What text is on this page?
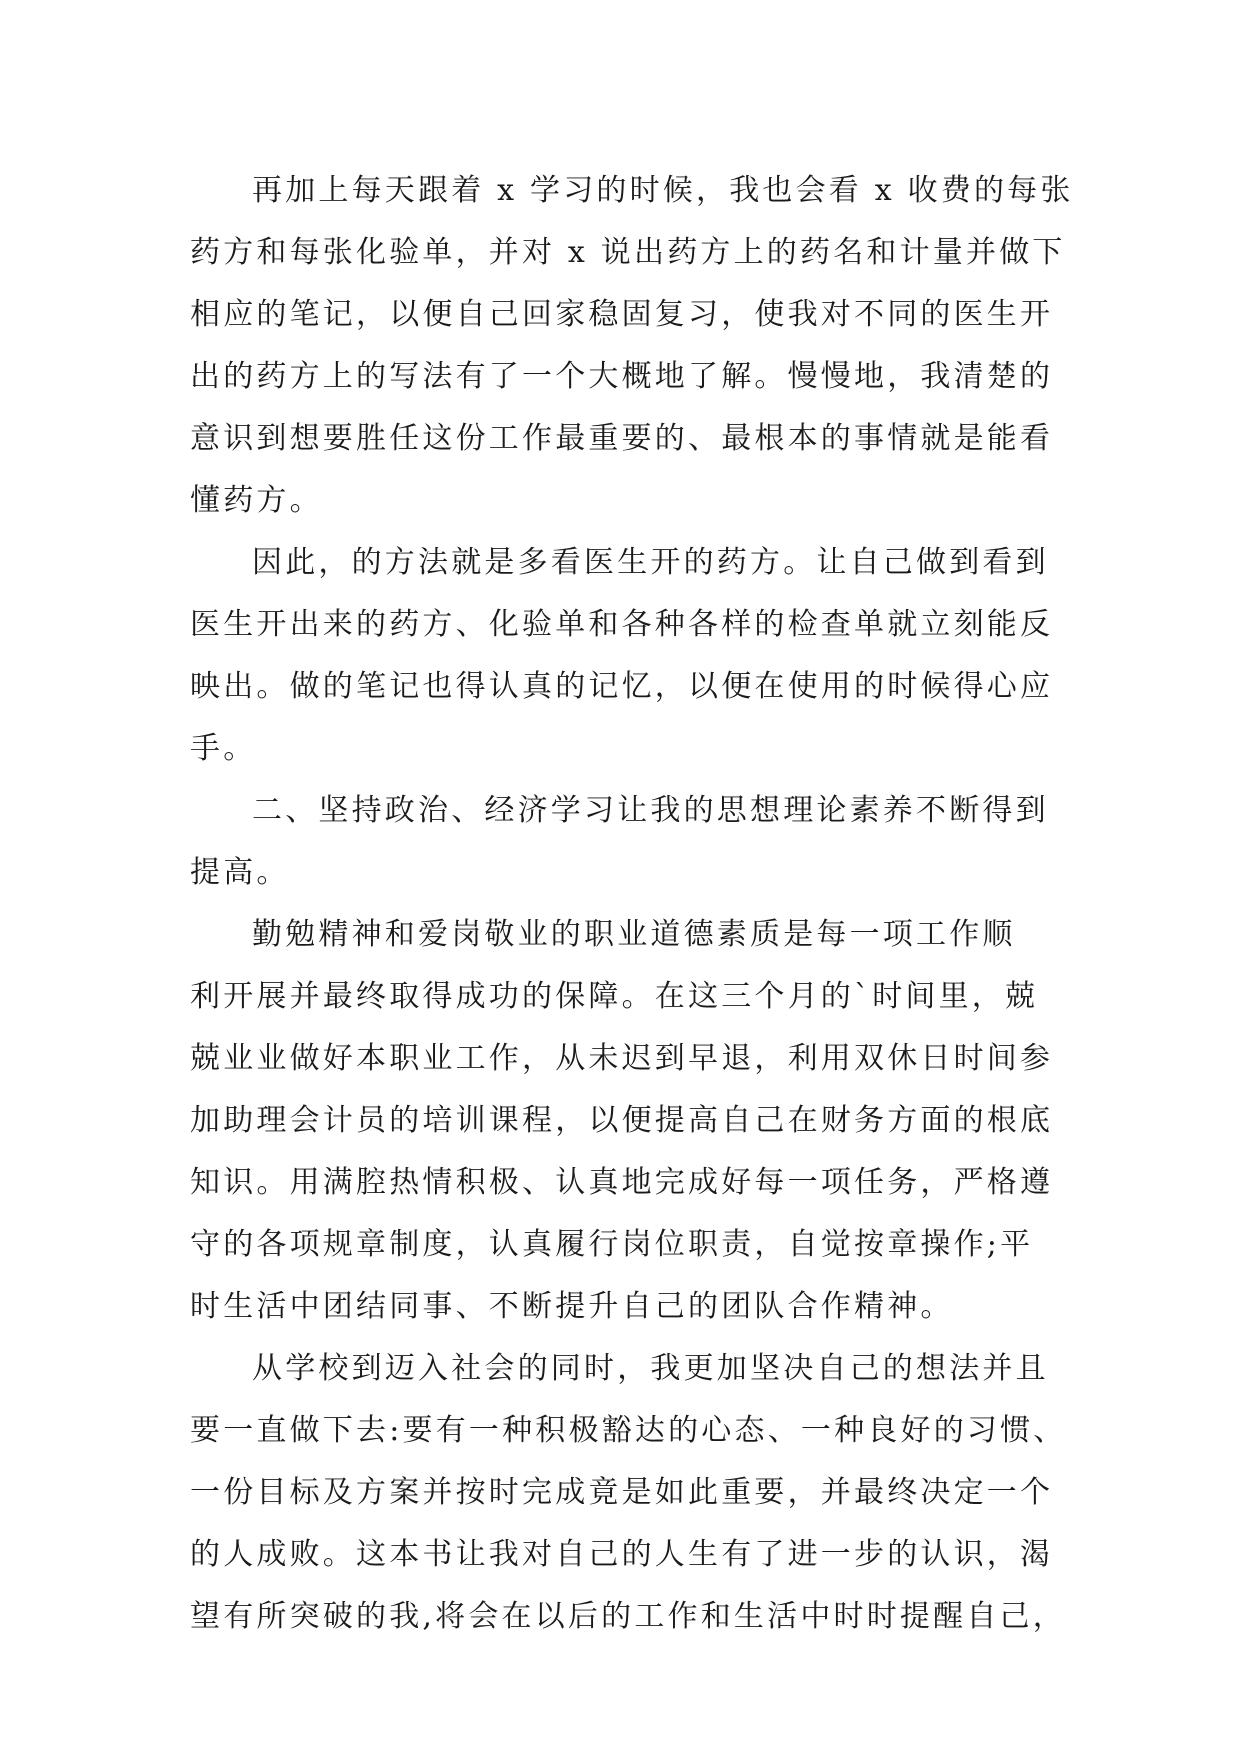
再加上每天跟着 x 学习的时候，我也会看 x 收费的每张
药方和每张化验单，并对 x 说出药方上的药名和计量并做下
相应的笔记，以便自己回家稳固复习，使我对不同的医生开
出的药方上的写法有了一个大概地了解。慢慢地，我清楚的
意识到想要胜任这份工作最重要的、最根本的事情就是能看
懂药方。
因此，的方法就是多看医生开的药方。让自己做到看到
医生开出来的药方、化验单和各种各样的检查单就立刻能反
映出。做的笔记也得认真的记忆，以便在使用的时候得心应
手。
二、坚持政治、经济学习让我的思想理论素养不断得到
提高。
勤勉精神和爱岗敬业的职业道德素质是每一项工作顺
利开展并最终取得成功的保障。在这三个月的`时间里，兢
兢业业做好本职业工作，从未迟到早退，利用双休日时间参
加助理会计员的培训课程，以便提高自己在财务方面的根底
知识。用满腔热情积极、认真地完成好每一项任务，严格遵
守的各项规章制度，认真履行岗位职责，自觉按章操作;平
时生活中团结同事、不断提升自己的团队合作精神。
从学校到迈入社会的同时，我更加坚决自己的想法并且
要一直做下去:要有一种积极豁达的心态、一种良好的习惯、
一份目标及方案并按时完成竟是如此重要，并最终决定一个
的人成败。这本书让我对自己的人生有了进一步的认识，渴
望有所突破的我,将会在以后的工作和生活中时时提醒自己，
